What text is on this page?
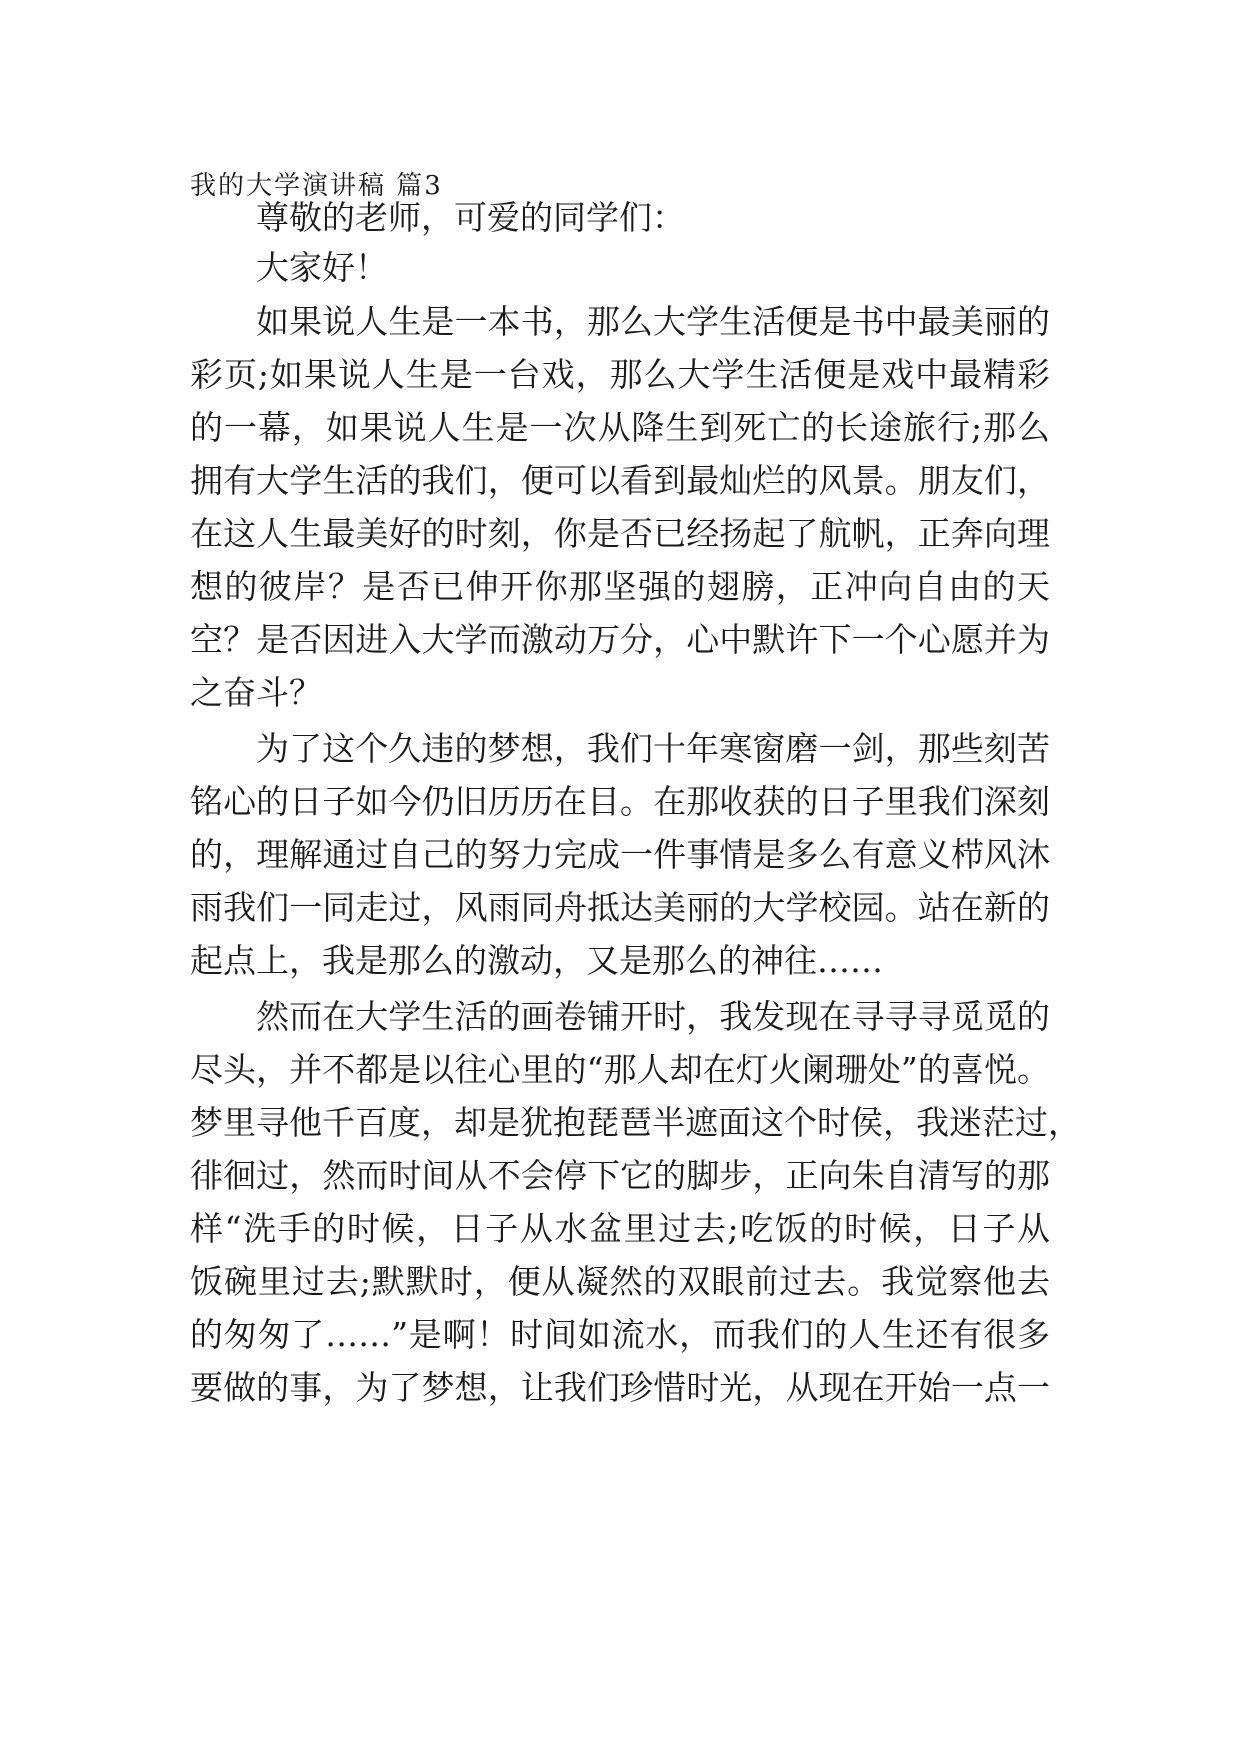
我的大学演讲稿 篇3
尊敬的老师，可爱的同学们：
大家好！
如果说人生是一本书，那么大学生活便是书中最美丽的
彩页;如果说人生是一台戏，那么大学生活便是戏中最精彩
的一幕，如果说人生是一次从降生到死亡的长途旅行;那么
拥有大学生活的我们，便可以看到最灿烂的风景。朋友们，
在这人生最美好的时刻，你是否已经扬起了航帆，正奔向理
想的彼岸？是否已伸开你那坚强的翅膀，正冲向自由的天
空？是否因进入大学而激动万分，心中默许下一个心愿并为
之奋斗？
为了这个久违的梦想，我们十年寒窗磨一剑，那些刻苦
铭心的日子如今仍旧历历在目。在那收获的日子里我们深刻
的，理解通过自己的努力完成一件事情是多么有意义栉风沐
雨我们一同走过，风雨同舟抵达美丽的大学校园。站在新的
起点上，我是那么的激动，又是那么的神往……
然而在大学生活的画卷铺开时，我发现在寻寻寻觅觅的
尽头，并不都是以往心里的“那人却在灯火阑珊处”的喜悦。
梦里寻他千百度，却是犹抱琵琶半遮面这个时侯，我迷茫过，
徘徊过，然而时间从不会停下它的脚步，正向朱自清写的那
样“洗手的时候，日子从水盆里过去;吃饭的时候，日子从
饭碗里过去;默默时，便从凝然的双眼前过去。我觉察他去
的匆匆了……”是啊！时间如流水，而我们的人生还有很多
要做的事，为了梦想，让我们珍惜时光，从现在开始一点一
